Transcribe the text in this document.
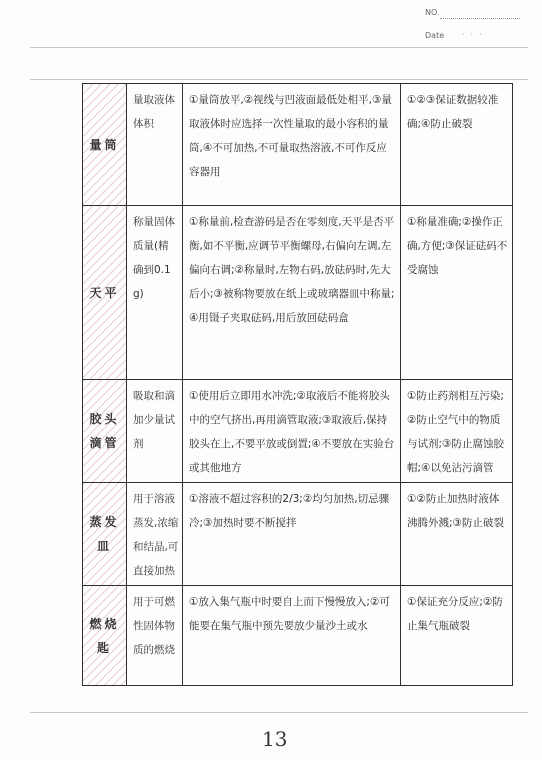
NO.
Date ···
量筒	量取液体体积	①量筒放平,②视线与凹液面最低处相平,③量取液体时应选择一次性量取的最小容积的量筒,④不可加热,不可量取热溶液,不可作反应容器用	①②③保证数据较准确;④防止破裂
天平	称量固体质量(精确到0.1g)	①称量前,检查游码是否在零刻度,天平是否平衡,如不平衡,应调节平衡螺母,右偏向左调,左偏向右调;②称量时,左物右码,放砝码时,先大后小;③被称物要放在纸上或玻璃器皿中称量;④用镊子夹取砝码,用后放回砝码盒	①称量准确;②操作正确,方便;③保证砝码不受腐蚀
胶头滴管	吸取和滴加少量试剂	①使用后立即用水冲洗;②取液后不能将胶头中的空气挤出,再用滴管取液;③取液后,保持胶头在上,不要平放或倒置;④不要放在实验台或其他地方	①防止药剂相互污染;②防止空气中的物质与试剂;③防止腐蚀胶帽;④以免沾污滴管
蒸发皿	用于溶液蒸发,浓缩和结晶,可直接加热	①溶液不超过容积的2/3;②均匀加热,切忌骤冷;③加热时要不断搅拌	①②防止加热时液体沸腾外溅;③防止破裂
燃烧匙	用于可燃性固体物质的燃烧	①放入集气瓶中时要自上而下慢慢放入;②可能要在集气瓶中预先要放少量沙土或水	①保证充分反应;②防止集气瓶破裂
13
